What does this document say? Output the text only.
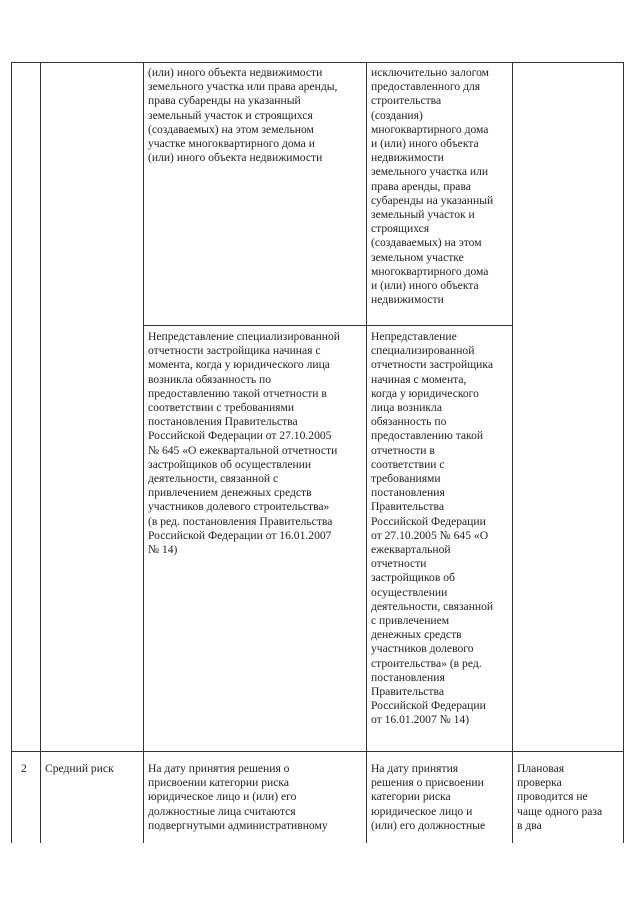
(или) иного объекта недвижимости
земельного участка или права аренды,
права субаренды на указанный
земельный участок и строящихся
(создаваемых) на этом земельном
участке многоквартирного дома и
(или) иного объекта недвижимости
исключительно залогом
предоставленного для
строительства
(создания)
многоквартирного дома
и (или) иного объекта
недвижимости
земельного участка или
права аренды, права
субаренды на указанный
земельный участок и
строящихся
(создаваемых) на этом
земельном участке
многоквартирного дома
и (или) иного объекта
недвижимости
Непредставление специализированной
отчетности застройщика начиная с
момента, когда у юридического лица
возникла обязанность по
предоставлению такой отчетности в
соответствии с требованиями
постановления Правительства
Российской Федерации от 27.10.2005
№ 645 «О ежеквартальной отчетности
застройщиков об осуществлении
деятельности, связанной с
привлечением денежных средств
участников долевого строительства»
(в ред. постановления Правительства
Российской Федерации от 16.01.2007
№ 14)
Непредставление
специализированной
отчетности застройщика
начиная с момента,
когда у юридического
лица возникла
обязанность по
предоставлению такой
отчетности в
соответствии с
требованиями
постановления
Правительства
Российской Федерации
от 27.10.2005 № 645 «О
ежеквартальной
отчетности
застройщиков об
осуществлении
деятельности, связанной
с привлечением
денежных средств
участников долевого
строительства» (в ред.
постановления
Правительства
Российской Федерации
от 16.01.2007 № 14)
2	Средний риск	На дату принятия решения о
присвоении категории риска
юридическое лицо и (или) его
должностные лица считаются
подвергнутыми административному
На дату принятия
решения о присвоении
категории риска
юридическое лицо и
(или) его должностные
Плановая
проверка
проводится не
чаще одного раза
в два
